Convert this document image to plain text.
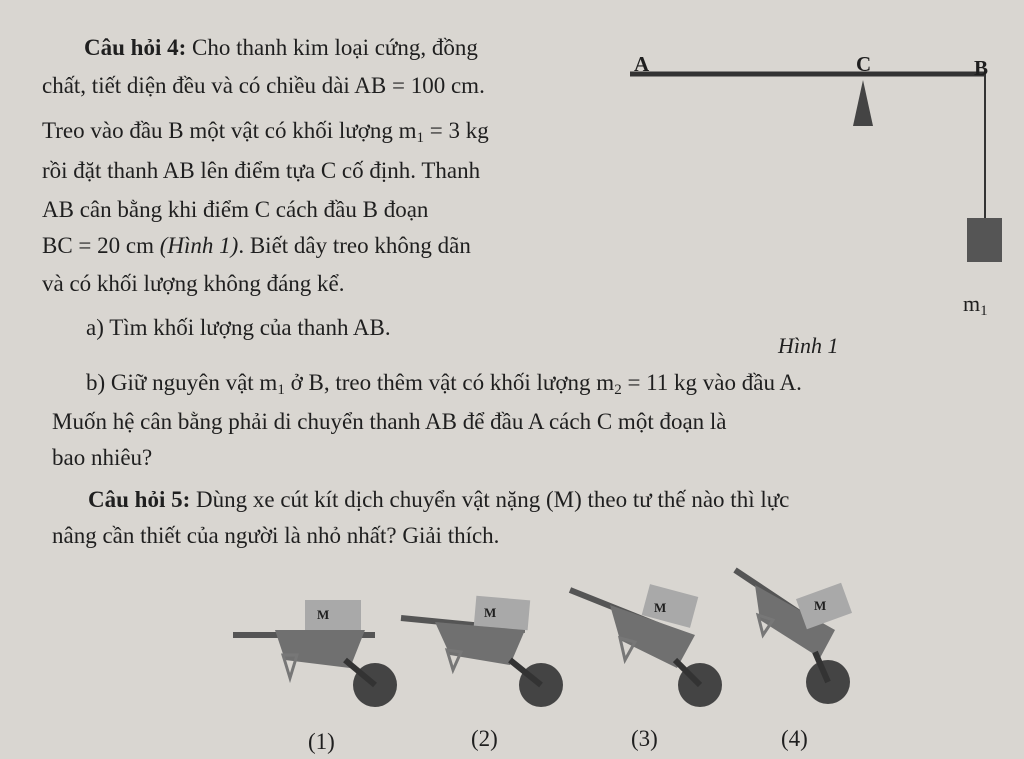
Câu hỏi 4: Cho thanh kim loại cứng, đồng
chất, tiết diện đều và có chiều dài AB = 100 cm.
Treo vào đầu B một vật có khối lượng $m_1 = 3$ kg
rồi đặt thanh AB lên điểm tựa C cố định. Thanh
AB cân bằng khi điểm C cách đầu B đoạn
BC = 20 cm (Hình 1). Biết dây treo không dãn
và có khối lượng không đáng kể.
a) Tìm khối lượng của thanh AB.
b) Giữ nguyên vật $m_1$ ở B, treo thêm vật có khối lượng $m_2 = 11$ kg vào đầu A.
Muốn hệ cân bằng phải di chuyển thanh AB để đầu A cách C một đoạn là
bao nhiêu?
A	C	B
$m_1$
Hình 1
Câu hỏi 5: Dùng xe cút kít dịch chuyển vật nặng (M) theo tư thế nào thì lực
nâng cần thiết của người là nhỏ nhất? Giải thích.
M	M	M	M
(1)	(2)	(3)	(4)
